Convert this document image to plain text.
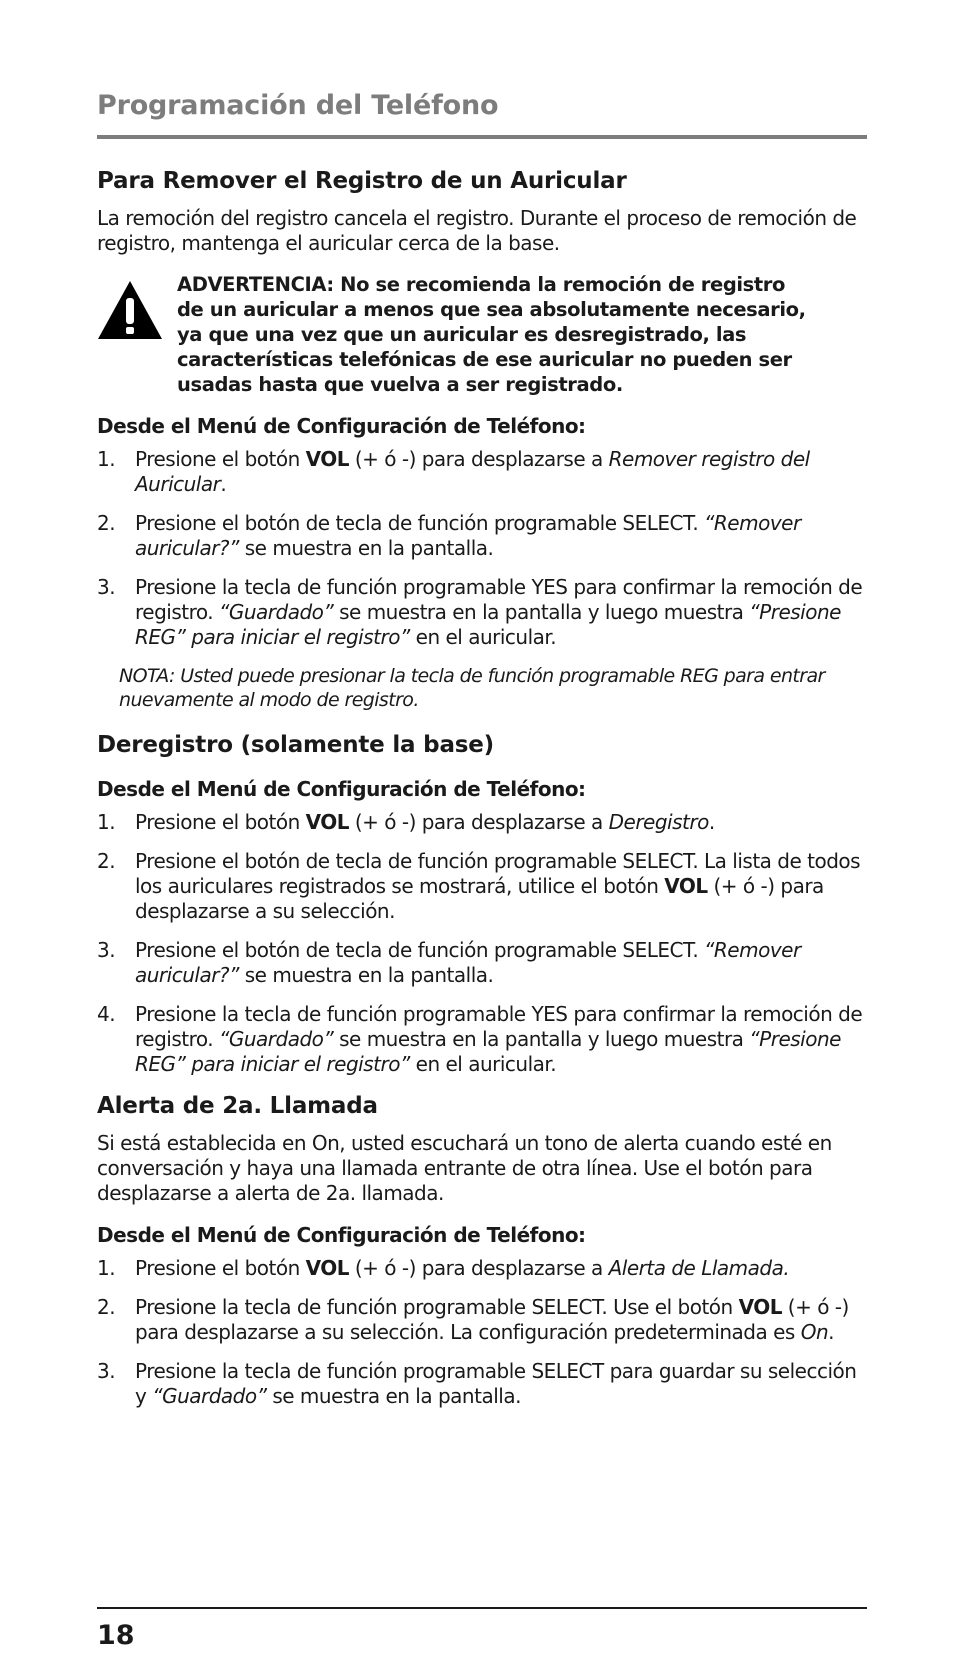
Programación del Teléfono
Para Remover el Registro de un Auricular

La remoción del registro cancela el registro. Durante el proceso de remoción de registro, mantenga el auricular cerca de la base.

ADVERTENCIA: No se recomienda la remoción de registro de un auricular a menos que sea absolutamente necesario, ya que una vez que un auricular es desregistrado, las características telefónicas de ese auricular no pueden ser usadas hasta que vuelva a ser registrado.

Desde el Menú de Configuración de Teléfono:
1. Presione el botón VOL (+ ó -) para desplazarse a Remover registro del Auricular.
2. Presione el botón de tecla de función programable SELECT. “Remover auricular?” se muestra en la pantalla.
3. Presione la tecla de función programable YES para confirmar la remoción de registro. “Guardado” se muestra en la pantalla y luego muestra “Presione REG” para iniciar el registro” en el auricular.

NOTA: Usted puede presionar la tecla de función programable REG para entrar nuevamente al modo de registro.

Deregistro (solamente la base)
Desde el Menú de Configuración de Teléfono:
1. Presione el botón VOL (+ ó -) para desplazarse a Deregistro.
2. Presione el botón de tecla de función programable SELECT. La lista de todos los auriculares registrados se mostrará, utilice el botón VOL (+ ó -) para desplazarse a su selección.
3. Presione el botón de tecla de función programable SELECT. “Remover auricular?” se muestra en la pantalla.
4. Presione la tecla de función programable YES para confirmar la remoción de registro. “Guardado” se muestra en la pantalla y luego muestra “Presione REG” para iniciar el registro” en el auricular.
Alerta de 2a. Llamada

Si está establecida en On, usted escuchará un tono de alerta cuando esté en conversación y haya una llamada entrante de otra línea. Use el botón para desplazarse a alerta de 2a. llamada.

Desde el Menú de Configuración de Teléfono:
1. Presione el botón VOL (+ ó -) para desplazarse a Alerta de Llamada.
2. Presione la tecla de función programable SELECT. Use el botón VOL (+ ó -) para desplazarse a su selección. La configuración predeterminada es On.
3. Presione la tecla de función programable SELECT para guardar su selección y “Guardado” se muestra en la pantalla.
18
